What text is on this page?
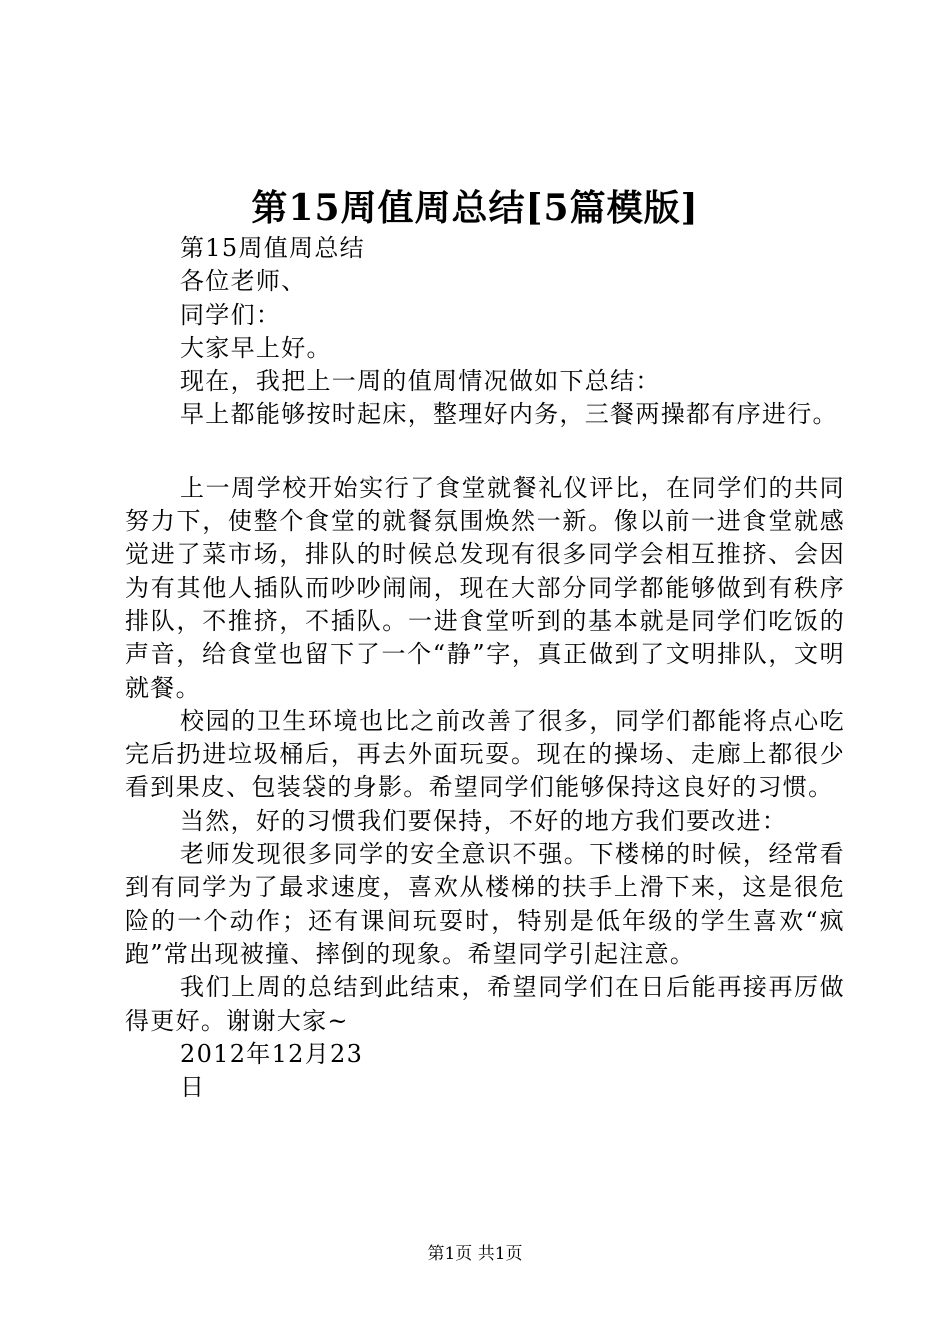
第15周值周总结[5篇模版]

第15周值周总结

各位老师、

同学们：

大家早上好。

现在，我把上一周的值周情况做如下总结：

早上都能够按时起床，整理好内务，三餐两操都有序进行。

上一周学校开始实行了食堂就餐礼仪评比，在同学们的共同努力下，使整个食堂的就餐氛围焕然一新。像以前一进食堂就感觉进了菜市场，排队的时候总发现有很多同学会相互推挤、会因为有其他人插队而吵吵闹闹，现在大部分同学都能够做到有秩序排队，不推挤，不插队。一进食堂听到的基本就是同学们吃饭的声音，给食堂也留下了一个“静”字，真正做到了文明排队，文明就餐。

校园的卫生环境也比之前改善了很多，同学们都能将点心吃完后扔进垃圾桶后，再去外面玩耍。现在的操场、走廊上都很少看到果皮、包装袋的身影。希望同学们能够保持这良好的习惯。

当然，好的习惯我们要保持，不好的地方我们要改进：

老师发现很多同学的安全意识不强。下楼梯的时候，经常看到有同学为了最求速度，喜欢从楼梯的扶手上滑下来，这是很危险的一个动作；还有课间玩耍时，特别是低年级的学生喜欢“疯跑”常出现被撞、摔倒的现象。希望同学引起注意。

我们上周的总结到此结束，希望同学们在日后能再接再厉做得更好。谢谢大家~

2012年12月23

日

第1页 共1页
